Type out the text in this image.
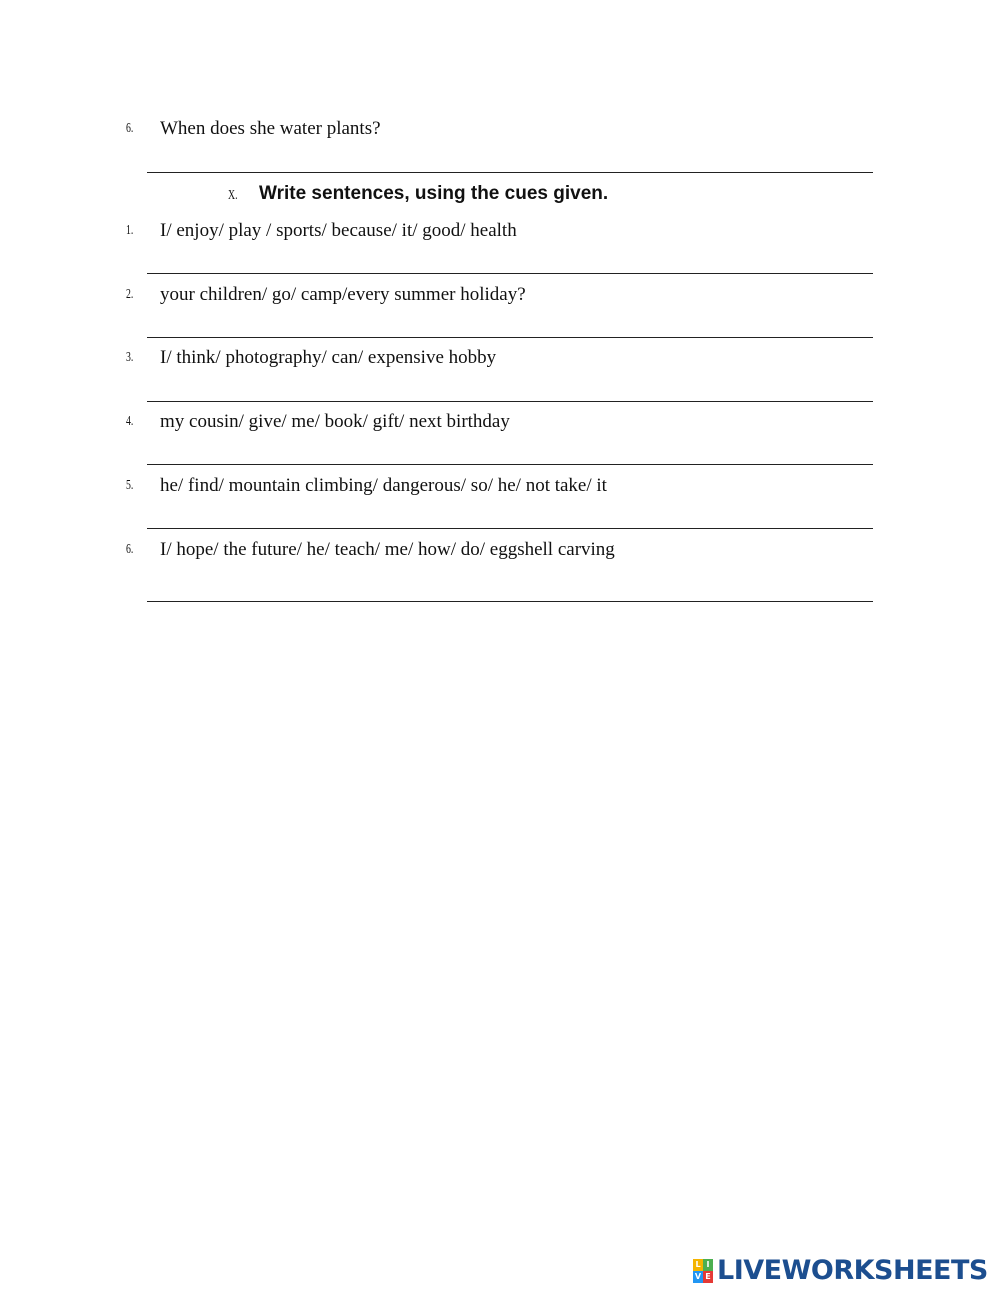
6.	When does she water plants?
X. Write sentences, using the cues given.
1.	I/ enjoy/ play / sports/ because/ it/ good/ health
2.	your children/ go/ camp/every summer holiday?
3.	I/ think/ photography/ can/ expensive hobby
4.	my cousin/ give/ me/ book/ gift/ next birthday
5.	he/ find/ mountain climbing/ dangerous/ so/ he/ not take/ it
6.	I/ hope/ the future/ he/ teach/ me/ how/ do/ eggshell carving
L I
V E LIVEWORKSHEETS
